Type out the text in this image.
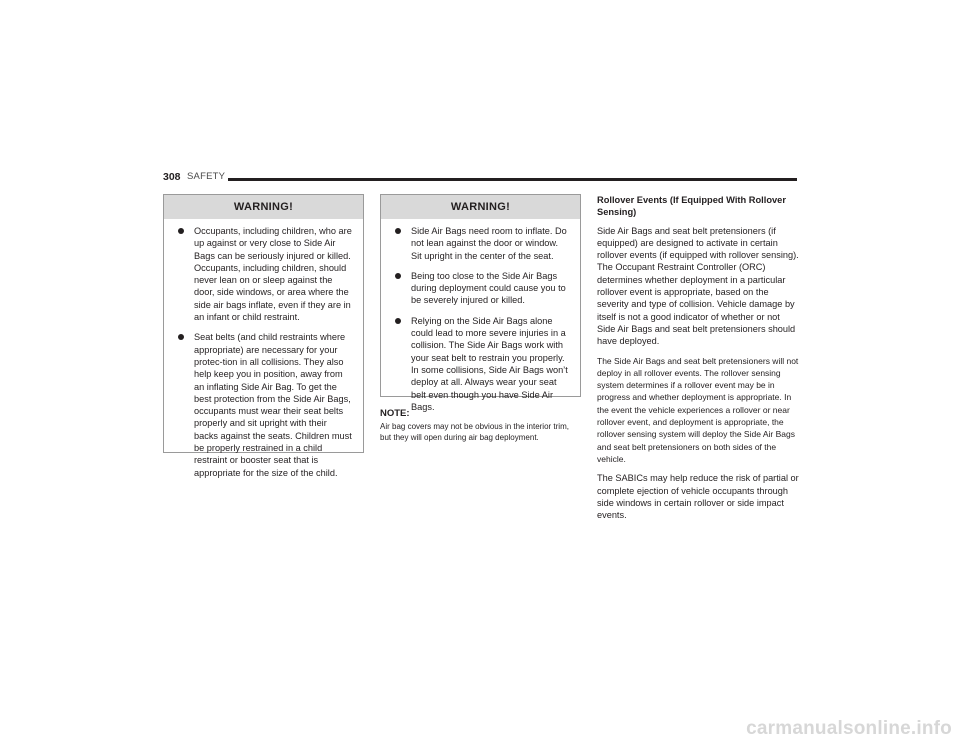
308 SAFETY
WARNING!
Occupants, including children, who are up against or very close to Side Air Bags can be seriously injured or killed. Occupants, including children, should never lean on or sleep against the door, side windows, or area where the side air bags inflate, even if they are in an infant or child restraint.
Seat belts (and child restraints where appropriate) are necessary for your protec-tion in all collisions. They also help keep you in position, away from an inflating Side Air Bag. To get the best protection from the Side Air Bags, occupants must wear their seat belts properly and sit upright with their backs against the seats. Children must be properly restrained in a child restraint or booster seat that is appropriate for the size of the child.
WARNING!
Side Air Bags need room to inflate. Do not lean against the door or window. Sit upright in the center of the seat.
Being too close to the Side Air Bags during deployment could cause you to be severely injured or killed.
Relying on the Side Air Bags alone could lead to more severe injuries in a collision. The Side Air Bags work with your seat belt to restrain you properly. In some collisions, Side Air Bags won’t deploy at all. Always wear your seat belt even though you have Side Air Bags.
NOTE:
Air bag covers may not be obvious in the interior trim, but they will open during air bag deployment.
Rollover Events (If Equipped With Rollover Sensing)

Side Air Bags and seat belt pretensioners (if equipped) are designed to activate in certain rollover events (if equipped with rollover sensing). The Occupant Restraint Controller (ORC) determines whether deployment in a particular rollover event is appropriate, based on the severity and type of collision. Vehicle damage by itself is not a good indicator of whether or not Side Air Bags and seat belt pretensioners should have deployed.

The Side Air Bags and seat belt pretensioners will not deploy in all rollover events. The rollover sensing system determines if a rollover event may be in progress and whether deployment is appropriate. In the event the vehicle experiences a rollover or near rollover event, and deployment is appropriate, the rollover sensing system will deploy the Side Air Bags and seat belt pretensioners on both sides of the vehicle.

The SABICs may help reduce the risk of partial or complete ejection of vehicle occupants through side windows in certain rollover or side impact events.

carmanualsonline.info
